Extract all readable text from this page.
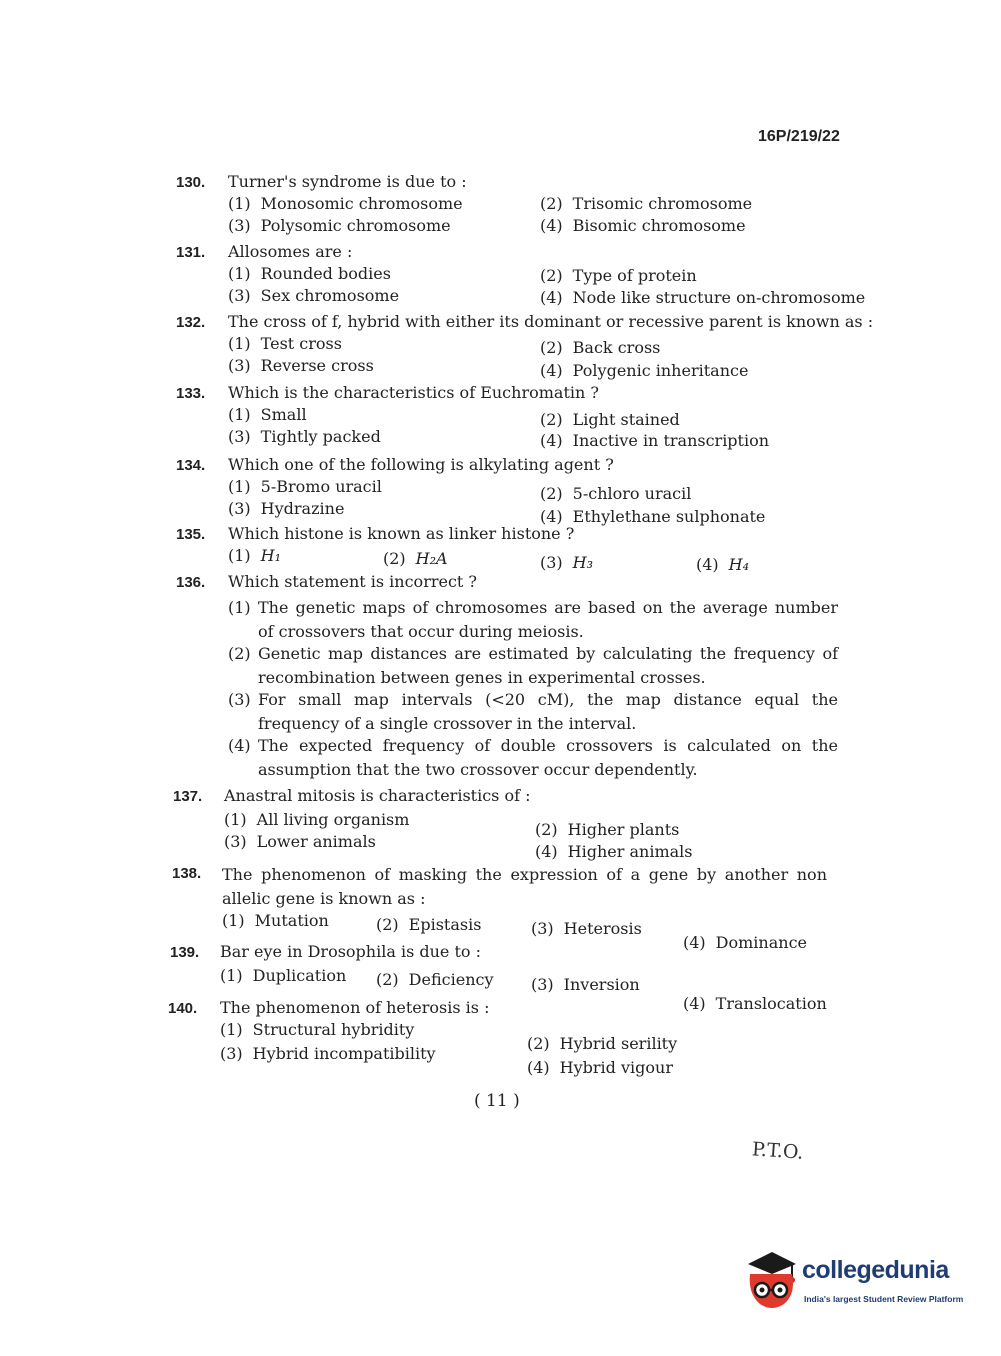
16P/219/22
130. Turner's syndrome is due to :
(1) Monosomic chromosome	(2) Trisomic chromosome
(3) Polysomic chromosome	(4) Bisomic chromosome
131. Allosomes are :
(1) Rounded bodies	(2) Type of protein
(3) Sex chromosome	(4) Node like structure on-chromosome
132. The cross of f, hybrid with either its dominant or recessive parent is known as :
(1) Test cross	(2) Back cross
(3) Reverse cross	(4) Polygenic inheritance
133. Which is the characteristics of Euchromatin ?
(1) Small	(2) Light stained
(3) Tightly packed	(4) Inactive in transcription
134. Which one of the following is alkylating agent ?
(1) 5-Bromo uracil	(2) 5-chloro uracil
(3) Hydrazine	(4) Ethylethane sulphonate
135. Which histone is known as linker histone ?
(1) H₁	(2) H₂A	(3) H₃	(4) H₄
136. Which statement is incorrect ?
(1) The genetic maps of chromosomes are based on the average number of crossovers that occur during meiosis.
(2) Genetic map distances are estimated by calculating the frequency of recombination between genes in experimental crosses.
(3) For small map intervals (<20 cM), the map distance equal the frequency of a single crossover in the interval.
(4) The expected frequency of double crossovers is calculated on the assumption that the two crossover occur dependently.
137. Anastral mitosis is characteristics of :
(1) All living organism
(2) Higher plants
(3) Lower animals
(4) Higher animals
138. The phenomenon of masking the expression of a gene by another non allelic gene is known as :
(1) Mutation	(2) Epistasis	(3) Heterosis
(4) Dominance
139. Bar eye in Drosophila is due to :
(1) Duplication (2) Deficiency (3) Inversion
(4) Translocation
140. The phenomenon of heterosis is :
(1) Structural hybridity
(2) Hybrid serility
(3) Hybrid incompatibility
(4) Hybrid vigour
( 11 )
P.T.O.
collegedunia
India's largest Student Review Platform
